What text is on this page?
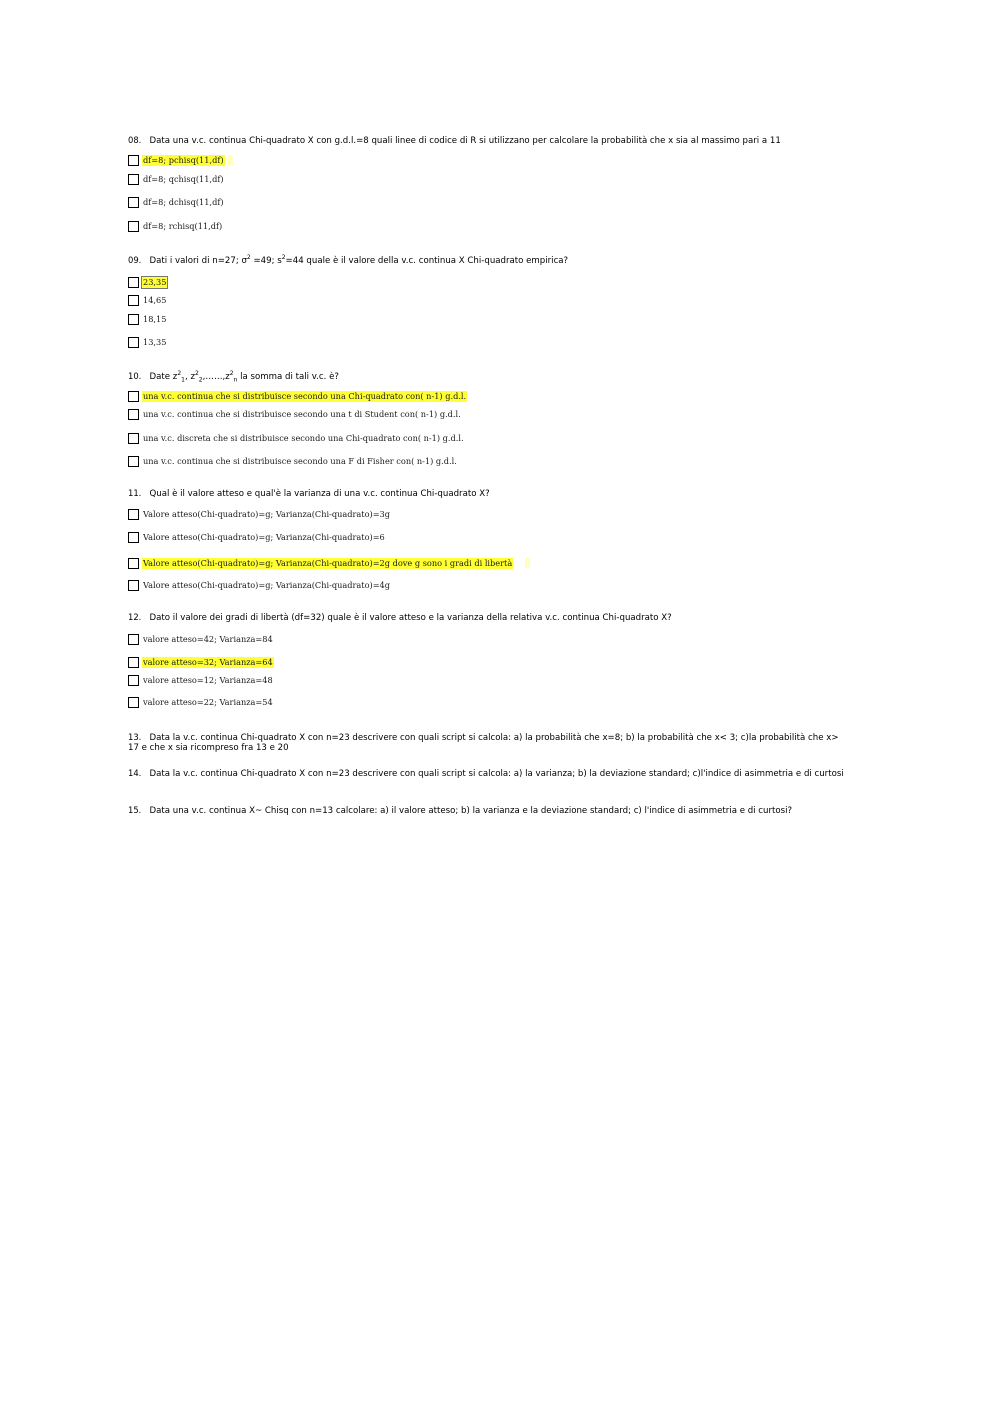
08. Data una v.c. continua Chi-quadrato X con g.d.l.=8 quali linee di codice di R si utilizzano per calcolare la probabilità che x sia al massimo pari a 11
df=8; pchisq(11,df)
df=8; qchisq(11,df)
df=8; dchisq(11,df)
df=8; rchisq(11,df)
09. Dati i valori di n=27; $\sigma^2 =49$; $s^2=44$ quale è il valore della v.c. continua X Chi-quadrato empirica?
23,35
14,65
18,15
13,35
10. Date $z^2_1$, $z^2_2,\dots\dots,z^2_n$ la somma di tali v.c. è?
una v.c. continua che si distribuisce secondo una Chi-quadrato con( n-1) g.d.l.
una v.c. continua che si distribuisce secondo una t di Student con( n-1) g.d.l.
una v.c. discreta che si distribuisce secondo una Chi-quadrato con( n-1) g.d.l.
una v.c. continua che si distribuisce secondo una F di Fisher con( n-1) g.d.l.
11. Qual è il valore atteso e qual'è la varianza di una v.c. continua Chi-quadrato X?
Valore atteso(Chi-quadrato)=g; Varianza(Chi-quadrato)=3g
Valore atteso(Chi-quadrato)=g; Varianza(Chi-quadrato)=6
Valore atteso(Chi-quadrato)=g; Varianza(Chi-quadrato)=2g dove g sono i gradi di libertà
Valore atteso(Chi-quadrato)=g; Varianza(Chi-quadrato)=4g
12. Dato il valore dei gradi di libertà (df=32) quale è il valore atteso e la varianza della relativa v.c. continua Chi-quadrato X?
valore atteso=42; Varianza=84
valore atteso=32; Varianza=64
valore atteso=12; Varianza=48
valore atteso=22; Varianza=54
13. Data la v.c. continua Chi-quadrato X con n=23 descrivere con quali script si calcola: a) la probabilità che x=8; b) la probabilità che x< 3; c)la probabilità che x> 17 e che x sia ricompreso fra 13 e 20
14. Data la v.c. continua Chi-quadrato X con n=23 descrivere con quali script si calcola: a) la varianza; b) la deviazione standard; c)l'indice di asimmetria e di curtosi
15. Data una v.c. continua X~ Chisq con n=13 calcolare: a) il valore atteso; b) la varianza e la deviazione standard; c) l'indice di asimmetria e di curtosi?
